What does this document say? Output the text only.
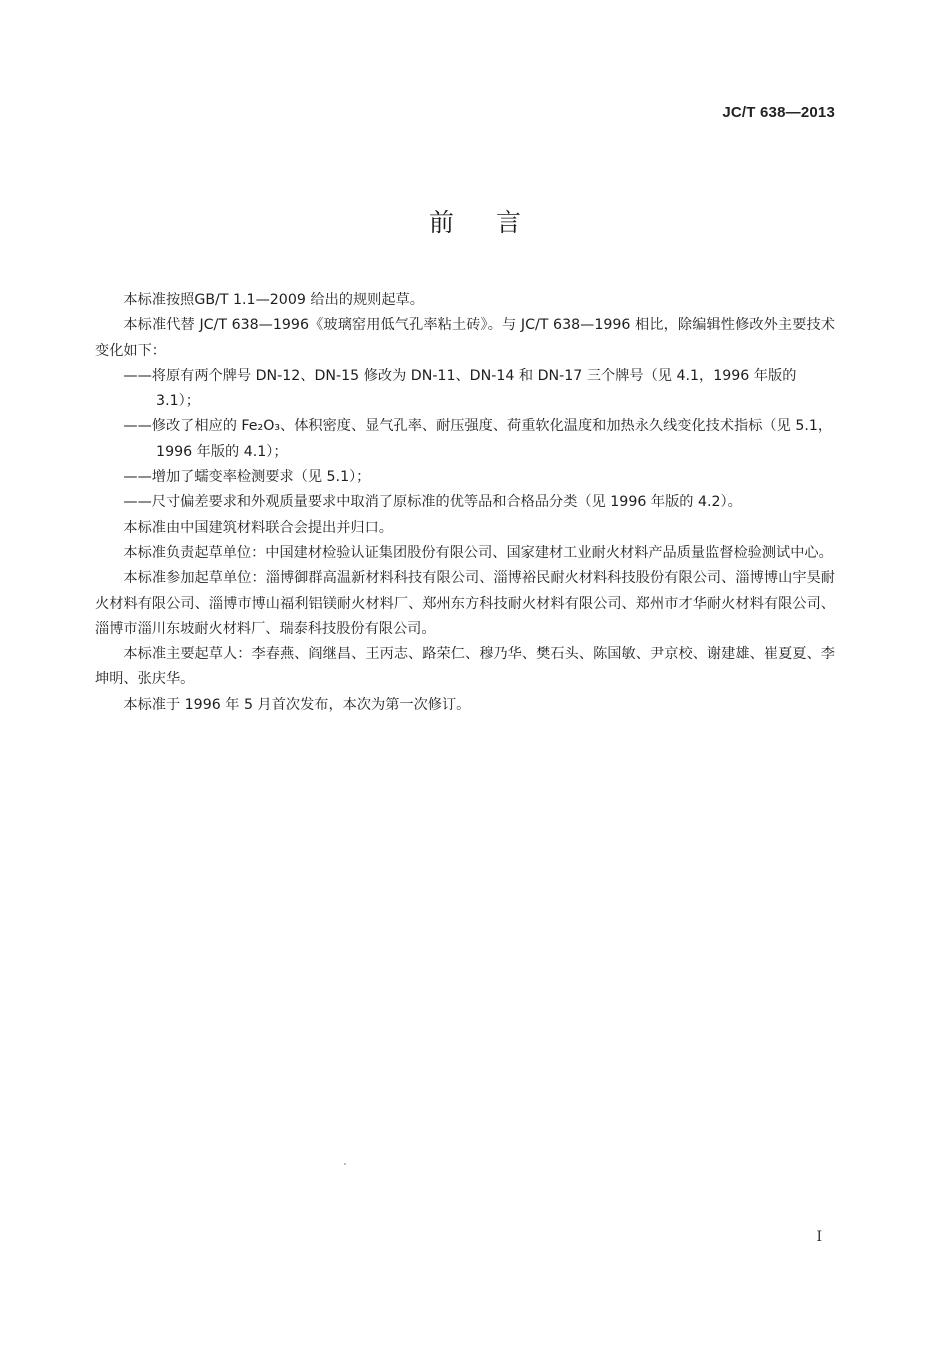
JC/T 638—2013
前言

本标准按照GB/T 1.1—2009 给出的规则起草。

本标准代替 JC/T 638—1996《玻璃窑用低气孔率粘土砖》。与 JC/T 638—1996 相比，除编辑性修改外主要技术变化如下：

——将原有两个牌号 DN-12、DN-15 修改为 DN-11、DN-14 和 DN-17 三个牌号（见 4.1，1996 年版的 3.1）；

——修改了相应的 Fe₂O₃、体积密度、显气孔率、耐压强度、荷重软化温度和加热永久线变化技术指标（见 5.1，1996 年版的 4.1）；

——增加了蠕变率检测要求（见 5.1）；

——尺寸偏差要求和外观质量要求中取消了原标准的优等品和合格品分类（见 1996 年版的 4.2）。

本标准由中国建筑材料联合会提出并归口。

本标准负责起草单位：中国建材检验认证集团股份有限公司、国家建材工业耐火材料产品质量监督检验测试中心。

本标准参加起草单位：淄博御群高温新材料科技有限公司、淄博裕民耐火材料科技股份有限公司、淄博博山宇昊耐火材料有限公司、淄博市博山福利铝镁耐火材料厂、郑州东方科技耐火材料有限公司、郑州市才华耐火材料有限公司、淄博市淄川东坡耐火材料厂、瑞泰科技股份有限公司。

本标准主要起草人：李春燕、阎继昌、王丙志、路荣仁、穆乃华、樊石头、陈国敏、尹京校、谢建雄、崔夏夏、李坤明、张庆华。

本标准于 1996 年 5 月首次发布，本次为第一次修订。

I
